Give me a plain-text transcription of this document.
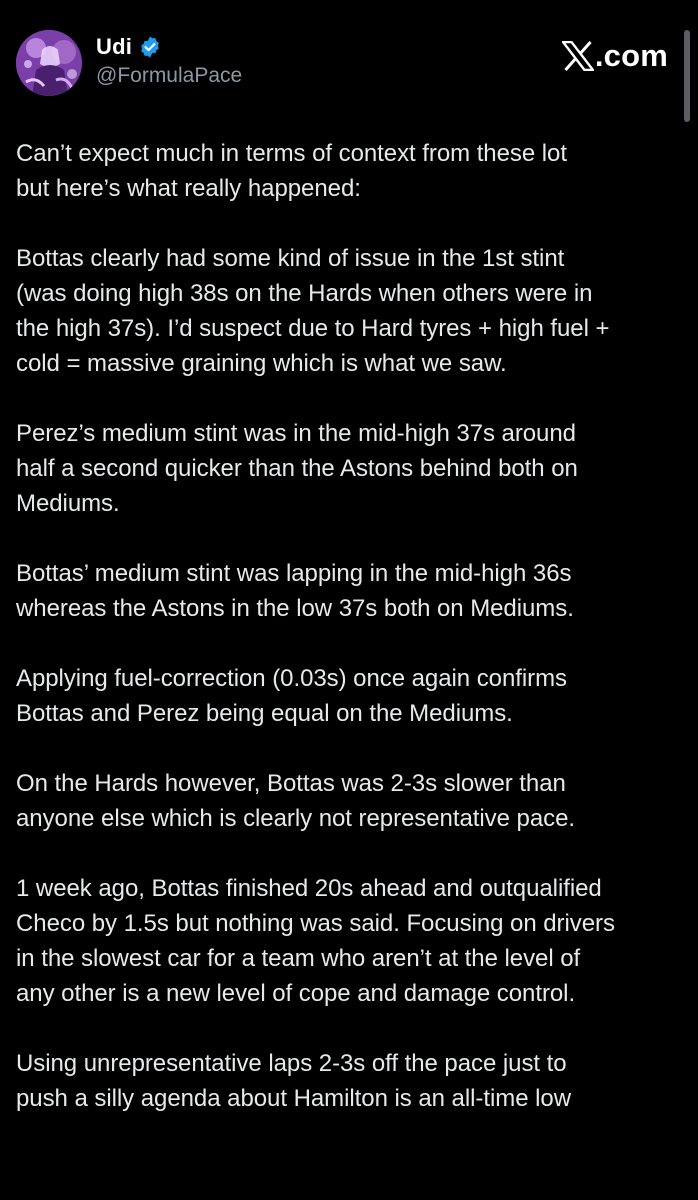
Udi
@FormulaPace
.com

Can’t expect much in terms of context from these lot
but here’s what really happened:

Bottas clearly had some kind of issue in the 1st stint
(was doing high 38s on the Hards when others were in
the high 37s). I’d suspect due to Hard tyres + high fuel +
cold = massive graining which is what we saw.

Perez’s medium stint was in the mid-high 37s around
half a second quicker than the Astons behind both on
Mediums.

Bottas’ medium stint was lapping in the mid-high 36s
whereas the Astons in the low 37s both on Mediums.

Applying fuel-correction (0.03s) once again confirms
Bottas and Perez being equal on the Mediums.

On the Hards however, Bottas was 2-3s slower than
anyone else which is clearly not representative pace.

1 week ago, Bottas finished 20s ahead and outqualified
Checo by 1.5s but nothing was said. Focusing on drivers
in the slowest car for a team who aren’t at the level of
any other is a new level of cope and damage control.

Using unrepresentative laps 2-3s off the pace just to
push a silly agenda about Hamilton is an all-time low
